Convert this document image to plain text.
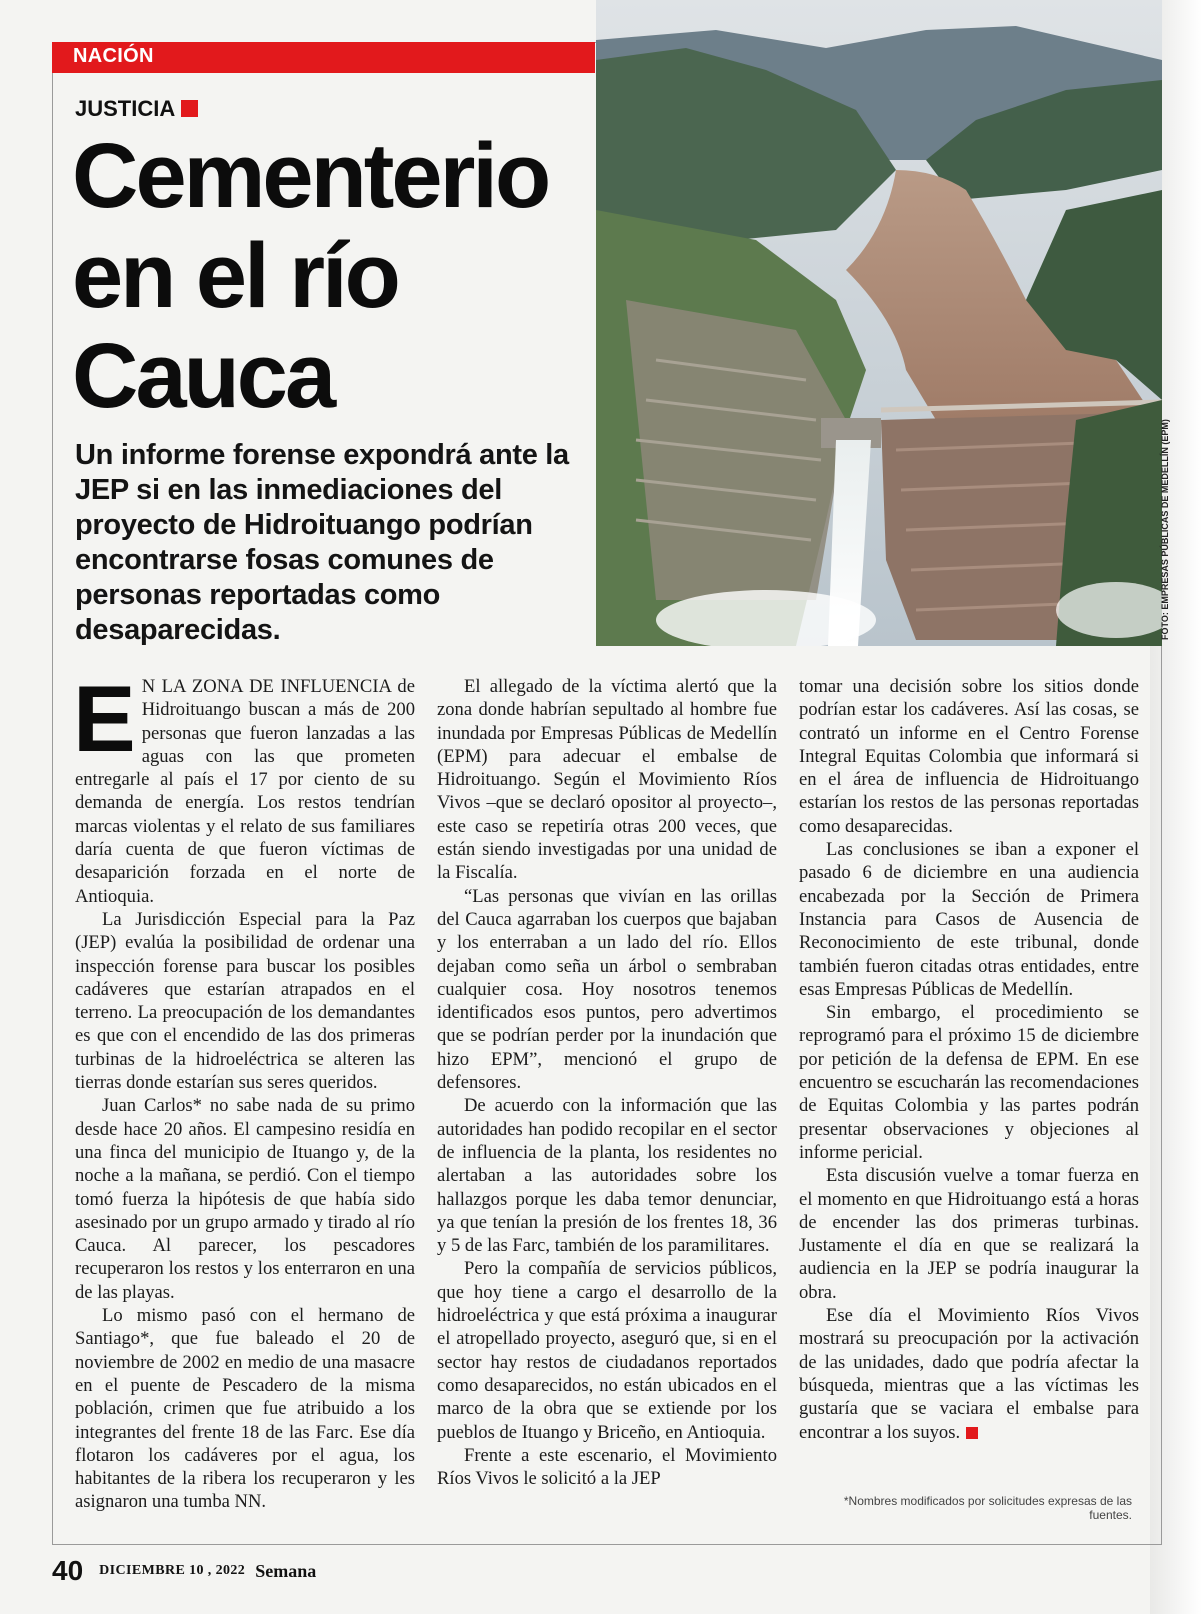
NACIÓN
JUSTICIA
Cementerio en el río Cauca

Un informe forense expondrá ante la JEP si en las inmediaciones del proyecto de Hidroituango podrían encontrarse fosas comunes de personas reportadas como desaparecidas.	FOTO: EMPRESAS PÚBLICAS DE MEDELLÍN (EPM)

E N LA ZONA DE INFLUENCIA de Hidroituango buscan a más de 200 personas que fueron lanzadas a las aguas con las que prometen entregarle al país el 17 por ciento de su demanda de energía. Los restos tendrían marcas violentas y el relato de sus familiares daría cuenta de que fueron víctimas de desaparición forzada en el norte de Antioquia.

La Jurisdicción Especial para la Paz (JEP) evalúa la posibilidad de ordenar una inspección forense para buscar los posibles cadáveres que estarían atrapados en el terreno. La preocupación de los demandantes es que con el encendido de las dos primeras turbinas de la hidroeléctrica se alteren las tierras donde estarían sus seres queridos.

Juan Carlos* no sabe nada de su primo desde hace 20 años. El campesino residía en una finca del municipio de Ituango y, de la noche a la mañana, se perdió. Con el tiempo tomó fuerza la hipótesis de que había sido asesinado por un grupo armado y tirado al río Cauca. Al parecer, los pescadores recuperaron los restos y los enterraron en una de las playas.

Lo mismo pasó con el hermano de Santiago*, que fue baleado el 20 de noviembre de 2002 en medio de una masacre en el puente de Pescadero de la misma población, crimen que fue atribuido a los integrantes del frente 18 de las Farc. Ese día flotaron los cadáveres por el agua, los habitantes de la ribera los recuperaron y les asignaron una tumba NN.

El allegado de la víctima alertó que la zona donde habrían sepultado al hombre fue inundada por Empresas Públicas de Medellín (EPM) para adecuar el embalse de Hidroituango. Según el Movimiento Ríos Vivos –que se declaró opositor al proyecto–, este caso se repetiría otras 200 veces, que están siendo investigadas por una unidad de la Fiscalía.

“Las personas que vivían en las orillas del Cauca agarraban los cuerpos que bajaban y los enterraban a un lado del río. Ellos dejaban como seña un árbol o sembraban cualquier cosa. Hoy nosotros tenemos identificados esos puntos, pero advertimos que se podrían perder por la inundación que hizo EPM”, mencionó el grupo de defensores.

De acuerdo con la información que las autoridades han podido recopilar en el sector de influencia de la planta, los residentes no alertaban a las autoridades sobre los hallazgos porque les daba temor denunciar, ya que tenían la presión de los frentes 18, 36 y 5 de las Farc, también de los paramilitares.

Pero la compañía de servicios públicos, que hoy tiene a cargo el desarrollo de la hidroeléctrica y que está próxima a inaugurar el atropellado proyecto, aseguró que, si en el sector hay restos de ciudadanos reportados como desaparecidos, no están ubicados en el marco de la obra que se extiende por los pueblos de Ituango y Briceño, en Antioquia.

Frente a este escenario, el Movimiento Ríos Vivos le solicitó a la JEP

tomar una decisión sobre los sitios donde podrían estar los cadáveres. Así las cosas, se contrató un informe en el Centro Forense Integral Equitas Colombia que informará si en el área de influencia de Hidroituango estarían los restos de las personas reportadas como desaparecidas.

Las conclusiones se iban a exponer el pasado 6 de diciembre en una audiencia encabezada por la Sección de Primera Instancia para Casos de Ausencia de Reconocimiento de este tribunal, donde también fueron citadas otras entidades, entre esas Empresas Públicas de Medellín.

Sin embargo, el procedimiento se reprogramó para el próximo 15 de diciembre por petición de la defensa de EPM. En ese encuentro se escucharán las recomendaciones de Equitas Colombia y las partes podrán presentar observaciones y objeciones al informe pericial.

Esta discusión vuelve a tomar fuerza en el momento en que Hidroituango está a horas de encender las dos primeras turbinas. Justamente el día en que se realizará la audiencia en la JEP se podría inaugurar la obra.

Ese día el Movimiento Ríos Vivos mostrará su preocupación por la activación de las unidades, dado que podría afectar la búsqueda, mientras que a las víctimas les gustaría que se vaciara el embalse para encontrar a los suyos.

*Nombres modificados por solicitudes expresas de las fuentes.
40 DICIEMBRE 10 , 2022 Semana
